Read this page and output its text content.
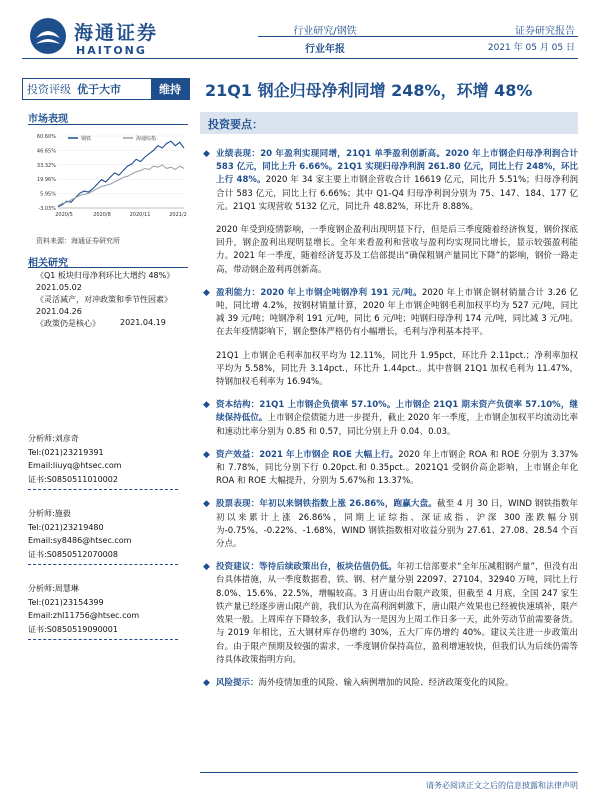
海通证券
HAITONG
行业研究/钢铁
行业年报
证券研究报告
2021 年 05 月 05 日
投资评级 优于大市	维持	21Q1 钢企归母净利同增 248%，环增 48%
市场表现
60.60%
46.65%
33.32%
19.96%
5.95%
-3.03%
2020/5	2020/8	2020/11	2021/2
钢铁	海通综指
资料来源：海通证券研究所
相关研究
《Q1 板块归母净利环比大增约 48%》
2021.05.02
《灵活减产，对冲政策和季节性因素》
2021.04.26
《政策仍是核心》	2021.04.19
分析师:刘彦奇
Tel:(021)23219391
Email:liuyq@htsec.com
证书:S0850511010002
分析师:施毅
Tel:(021)23219480
Email:sy8486@htsec.com
证书:S0850512070008
分析师:周慧琳
Tel:(021)23154399
Email:zhl11756@htsec.com
证书:S0850519090001
投资要点：
◆ 业绩表现：20 年盈利实现同增，21Q1 单季盈利创新高。2020 年上市钢企归母净利润合计 583 亿元，同比上升 6.66%。21Q1 实现归母净利润 261.80 亿元，同比上行 248%，环比上行 48%。2020 年 34 家主要上市钢企营收合计 16619 亿元，同比升 5.51%；归母净利润合计 583 亿元，同比上行 6.66%；其中 Q1-Q4 归母净利润分别为 75、147、184、177 亿元。21Q1 实现营收 5132 亿元，同比升 48.82%，环比升 8.88%。
2020 年受到疫情影响，一季度钢企盈利出现明显下行，但是后三季度随着经济恢复，钢价探底回升，钢企盈利出现明显增长。全年来看盈利和营收与盈利均实现同比增长，显示较强盈利能力。2021 年一季度，随着经济复苏及工信部提出“确保粗钢产量同比下降”的影响，钢价一路走高，带动钢企盈利再创新高。
◆ 盈利能力：2020 年上市钢企吨钢净利 191 元/吨。2020 年上市钢企钢材销量合计 3.26 亿吨，同比增 4.2%，按钢材销量计算，2020 年上市钢企吨钢毛利加权平均为 527 元/吨，同比减 39 元/吨；吨钢净利 191 元/吨，同比 6 元/吨；吨钢归母净利 174 元/吨，同比减 3 元/吨。在去年疫情影响下，钢企整体严格仍有小幅增长，毛利与净利基本持平。
21Q1 上市钢企毛利率加权平均为 12.11%，同比升 1.95pct，环比升 2.11pct.；净利率加权平均为 5.58%，同比升 3.14pct.，环比升 1.44pct.。其中普钢 21Q1 加权毛利为 11.47%，特钢加权毛利率为 16.94%。
◆ 资本结构：21Q1 上市钢企负债率 57.10%。上市钢企 21Q1 期末资产负债率 57.10%，继续保持低位。上市钢企偿债能力进一步提升，截止 2020 年一季度，上市钢企加权平均流动比率和速动比率分别为 0.85 和 0.57，同比分别上升 0.04、0.03。
◆ 资产效益：2021 年上市钢企 ROE 大幅上行。2020 年上市钢企 ROA 和 ROE 分别为 3.37%和 7.78%，同比分别下行 0.20pct.和 0.35pct.。2021Q1 受钢价高企影响，上市钢企年化 ROA 和 ROE 大幅提升，分别为 5.67%和 13.37%。
◆ 股票表现：年初以来钢铁指数上涨 26.86%，跑赢大盘。截至 4 月 30 日，WIND 钢铁指数年初以来累计上涨 26.86%，同期上证综指、深证成指、沪深 300 涨跌幅分别为-0.75%、-0.22%、-1.68%，WIND 钢铁指数相对收益分别为 27.61、27.08、28.54 个百分点。
◆ 投资建议：等待后续政策出台，板块估值仍低。年初工信部要求“全年压减粗钢产量”，但没有出台具体措施，从一季度数据看，铁、钢、材产量分别 22097、27104、32940 万吨，同比上行 8.0%、15.6%、22.5%，增幅较高。3 月唐山出台限产政策，但截至 4 月底，全国 247 家生铁产量已经逐步唐山限产前，我们认为在高利润刺激下，唐山限产效果也已经被快速填补，限产效果一般。上周库存下降较多，我们认为一是因为上周工作日多一天，此外劳动节前需要备货。与 2019 年相比，五大钢材库存仍增约 30%，五大厂库仍增约 40%。建议关注进一步政策出台。由于限产预期及较强的需求，一季度钢价保持高位，盈利增速较快，但我们认为后续仍需等待具体政策指明方向。
◆ 风险提示：海外疫情加重的风险、输入病例增加的风险、经济政策变化的风险。
请务必阅读正文之后的信息披露和法律声明
